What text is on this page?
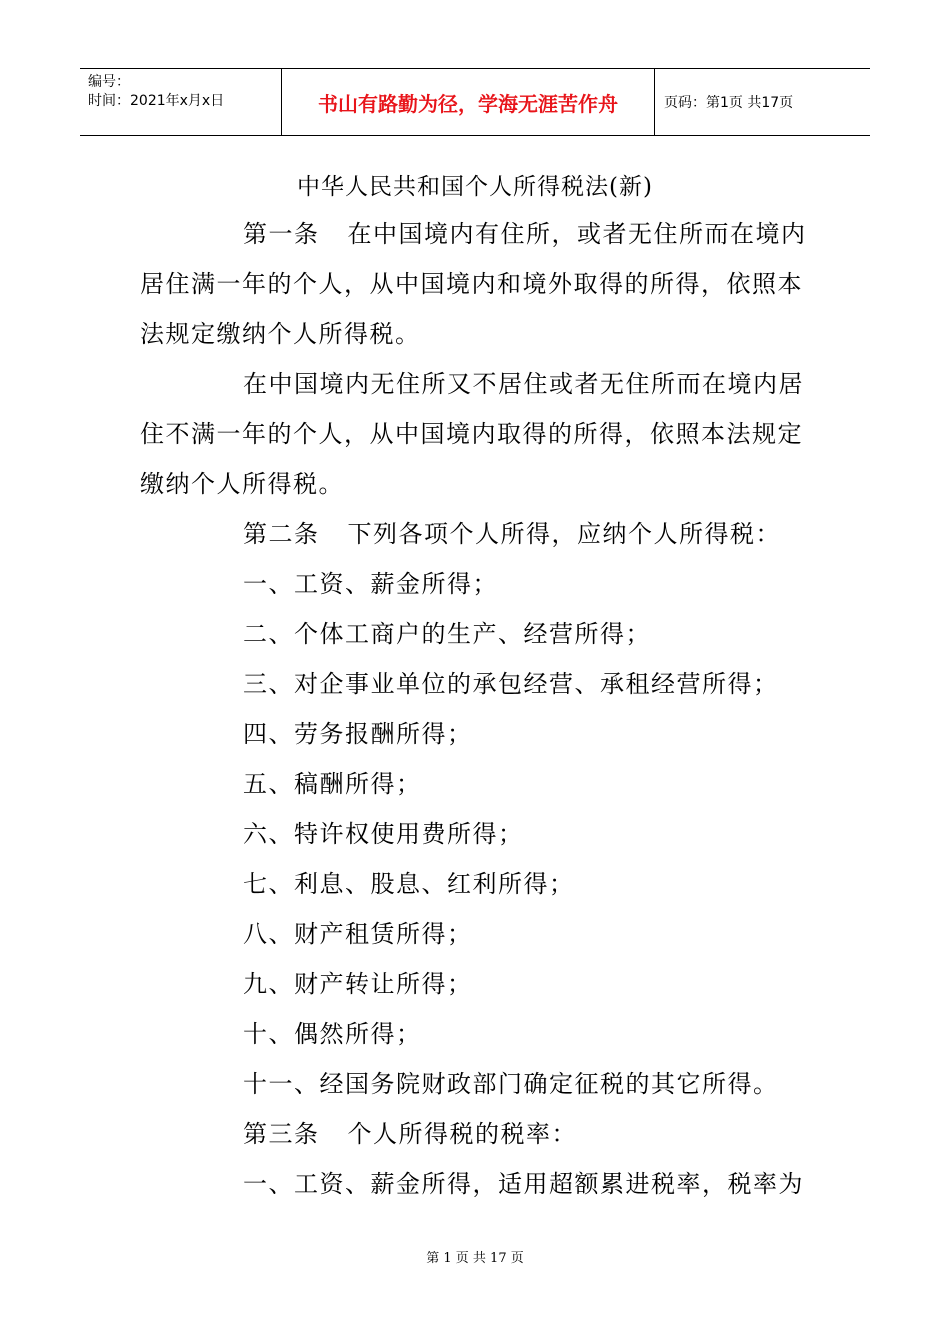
编号：
时间：2021年x月x日	书山有路勤为径，学海无涯苦作舟	页码：第1页 共17页
中华人民共和国个人所得税法(新)
第一条 在中国境内有住所，或者无住所而在境内
居住满一年的个人，从中国境内和境外取得的所得，依照本
法规定缴纳个人所得税。
在中国境内无住所又不居住或者无住所而在境内居
住不满一年的个人，从中国境内取得的所得，依照本法规定
缴纳个人所得税。
第二条 下列各项个人所得，应纳个人所得税：
一、工资、薪金所得；
二、个体工商户的生产、经营所得；
三、对企事业单位的承包经营、承租经营所得；
四、劳务报酬所得；
五、稿酬所得；
六、特许权使用费所得；
七、利息、股息、红利所得；
八、财产租赁所得；
九、财产转让所得；
十、偶然所得；
十一、经国务院财政部门确定征税的其它所得。
第三条 个人所得税的税率：
一、工资、薪金所得，适用超额累进税率，税率为
第 1 页 共 17 页
